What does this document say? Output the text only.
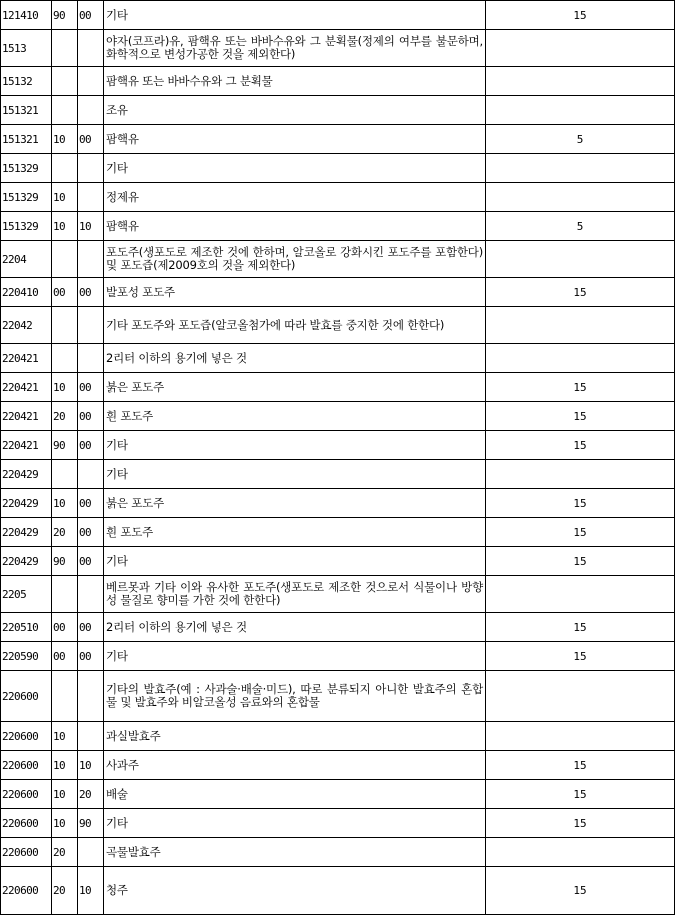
121410	90	00	기타	15
1513			야자(코프라)유, 팜핵유 또는 바바수유와 그 분획물(정제의 여부를 불문하며, 화학적으로 변성가공한 것을 제외한다)	
15132			팜핵유 또는 바바수유와 그 분획물	
151321			조유	
151321	10	00	팜핵유	5
151329			기타	
151329	10		정제유	
151329	10	10	팜핵유	5
2204			포도주(생포도로 제조한 것에 한하며, 알코올로 강화시킨 포도주를 포함한다) 및 포도즙(제2009호의 것을 제외한다)	
220410	00	00	발포성 포도주	15
22042			기타 포도주와 포도즙(알코올첨가에 따라 발효를 중지한 것에 한한다)	
220421			2리터 이하의 용기에 넣은 것	
220421	10	00	붉은 포도주	15
220421	20	00	흰 포도주	15
220421	90	00	기타	15
220429			기타	
220429	10	00	붉은 포도주	15
220429	20	00	흰 포도주	15
220429	90	00	기타	15
2205			베르못과 기타 이와 유사한 포도주(생포도로 제조한 것으로서 식물이나 방향성 물질로 향미를 가한 것에 한한다)	
220510	00	00	2리터 이하의 용기에 넣은 것	15
220590	00	00	기타	15
220600			기타의 발효주(예 : 사과술·배술·미드), 따로 분류되지 아니한 발효주의 혼합물 및 발효주와 비알코올성 음료와의 혼합물	
220600	10		과실발효주	
220600	10	10	사과주	15
220600	10	20	배술	15
220600	10	90	기타	15
220600	20		곡물발효주	
220600	20	10	청주	15
